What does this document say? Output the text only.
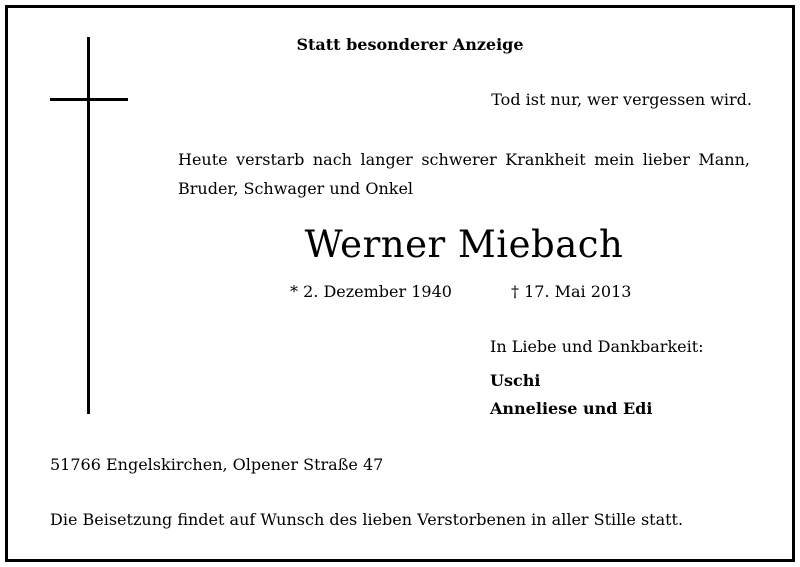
Statt besonderer Anzeige
Tod ist nur, wer vergessen wird.
Heute verstarb nach langer schwerer Krankheit mein lieber Mann, Bruder, Schwager und Onkel
Werner Miebach
* 2. Dezember 1940	† 17. Mai 2013
In Liebe und Dankbarkeit:
Uschi
Anneliese und Edi
51766 Engelskirchen, Olpener Straße 47
Die Beisetzung findet auf Wunsch des lieben Verstorbenen in aller Stille statt.
